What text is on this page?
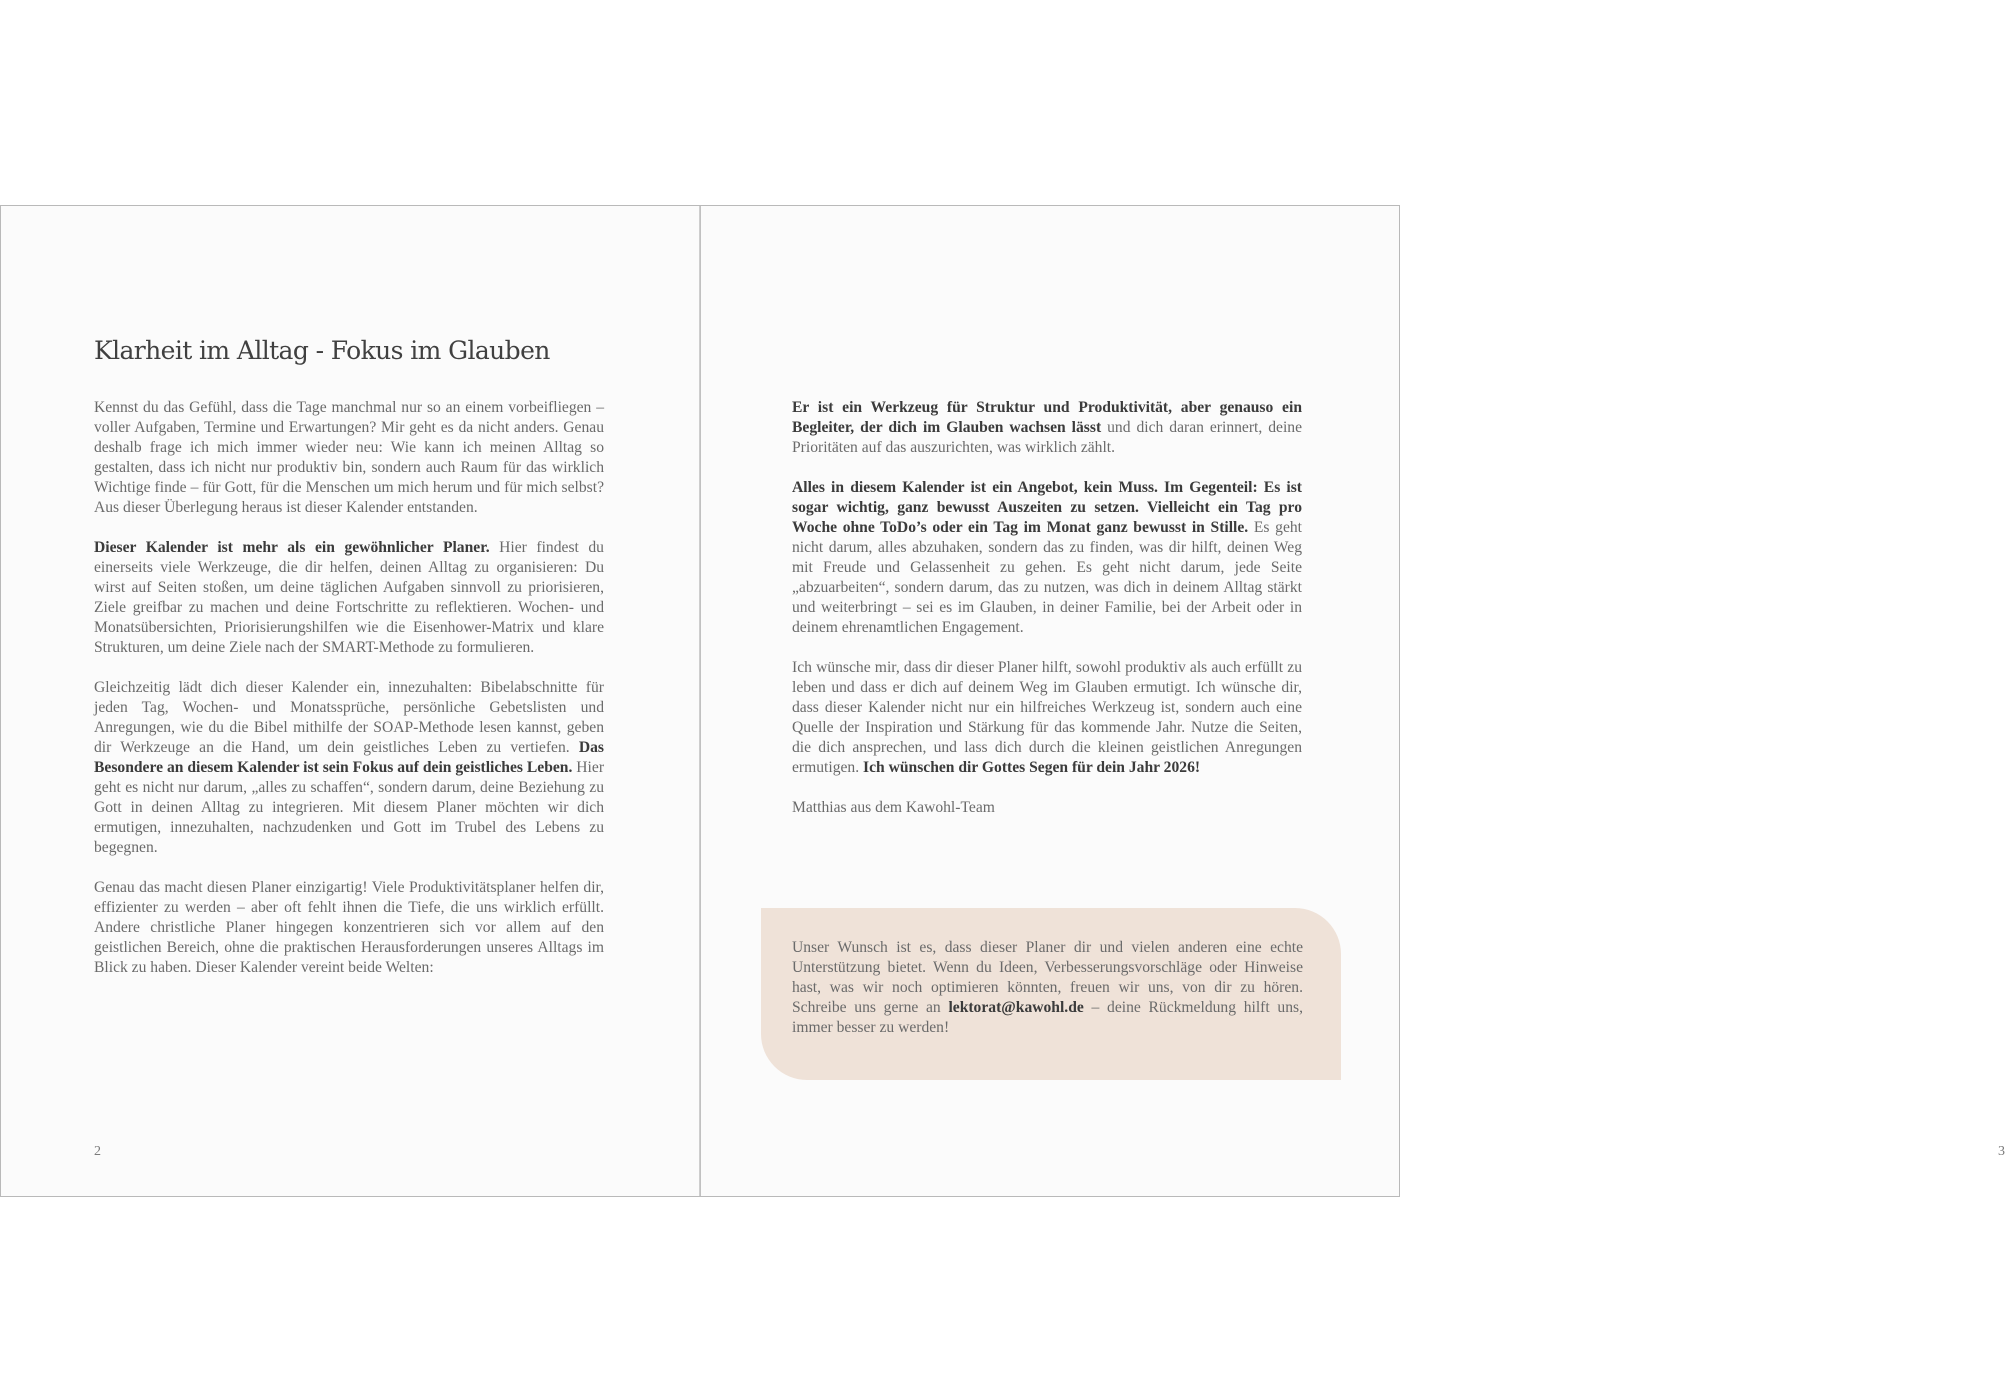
Klarheit im Alltag - Fokus im Glauben

Kennst du das Gefühl, dass die Tage manchmal nur so an einem vorbeifliegen – voller Aufgaben, Termine und Erwartungen? Mir geht es da nicht anders. Genau deshalb frage ich mich immer wieder neu: Wie kann ich meinen Alltag so gestalten, dass ich nicht nur produktiv bin, sondern auch Raum für das wirklich Wichtige finde – für Gott, für die Menschen um mich herum und für mich selbst? Aus dieser Überlegung heraus ist dieser Kalender entstanden.

Dieser Kalender ist mehr als ein gewöhnlicher Planer. Hier findest du einerseits viele Werkzeuge, die dir helfen, deinen Alltag zu organisieren: Du wirst auf Seiten stoßen, um deine täglichen Aufgaben sinnvoll zu priorisieren, Ziele greifbar zu machen und deine Fortschritte zu reflektieren. Wochen- und Monatsübersichten, Priorisierungshilfen wie die Eisenhower-Matrix und klare Strukturen, um deine Ziele nach der SMART-Methode zu formulieren.

Gleichzeitig lädt dich dieser Kalender ein, innezuhalten: Bibelabschnitte für jeden Tag, Wochen- und Monatssprüche, persönliche Gebetslisten und Anregungen, wie du die Bibel mithilfe der SOAP-Methode lesen kannst, geben dir Werkzeuge an die Hand, um dein geistliches Leben zu vertiefen. Das Besondere an diesem Kalender ist sein Fokus auf dein geistliches Leben. Hier geht es nicht nur darum, „alles zu schaffen“, sondern darum, deine Beziehung zu Gott in deinen Alltag zu integrieren. Mit diesem Planer möchten wir dich ermutigen, innezuhalten, nachzudenken und Gott im Trubel des Lebens zu begegnen.

Genau das macht diesen Planer einzigartig! Viele Produktivitätsplaner helfen dir, effizienter zu werden – aber oft fehlt ihnen die Tiefe, die uns wirklich erfüllt. Andere christliche Planer hingegen konzentrieren sich vor allem auf den geistlichen Bereich, ohne die praktischen Herausforderungen unseres Alltags im Blick zu haben. Dieser Kalender vereint beide Welten:

2	3

Er ist ein Werkzeug für Struktur und Produktivität, aber genauso ein Begleiter, der dich im Glauben wachsen lässt und dich daran erinnert, deine Prioritäten auf das auszurichten, was wirklich zählt.

Alles in diesem Kalender ist ein Angebot, kein Muss. Im Gegenteil: Es ist sogar wichtig, ganz bewusst Auszeiten zu setzen. Vielleicht ein Tag pro Woche ohne ToDo’s oder ein Tag im Monat ganz bewusst in Stille. Es geht nicht darum, alles abzuhaken, sondern das zu finden, was dir hilft, deinen Weg mit Freude und Gelassenheit zu gehen. Es geht nicht darum, jede Seite „abzuarbeiten“, sondern darum, das zu nutzen, was dich in deinem Alltag stärkt und weiterbringt – sei es im Glauben, in deiner Familie, bei der Arbeit oder in deinem ehrenamtlichen Engagement.

Ich wünsche mir, dass dir dieser Planer hilft, sowohl produktiv als auch erfüllt zu leben und dass er dich auf deinem Weg im Glauben ermutigt. Ich wünsche dir, dass dieser Kalender nicht nur ein hilfreiches Werkzeug ist, sondern auch eine Quelle der Inspiration und Stärkung für das kommende Jahr. Nutze die Seiten, die dich ansprechen, und lass dich durch die kleinen geistlichen Anregungen ermutigen. Ich wünschen dir Gottes Segen für dein Jahr 2026!

Matthias aus dem Kawohl-Team

Unser Wunsch ist es, dass dieser Planer dir und vielen anderen eine echte Unterstützung bietet. Wenn du Ideen, Verbesserungsvorschläge oder Hinweise hast, was wir noch optimieren könnten, freuen wir uns, von dir zu hören. Schreibe uns gerne an lektorat@kawohl.de – deine Rückmeldung hilft uns, immer besser zu werden!
